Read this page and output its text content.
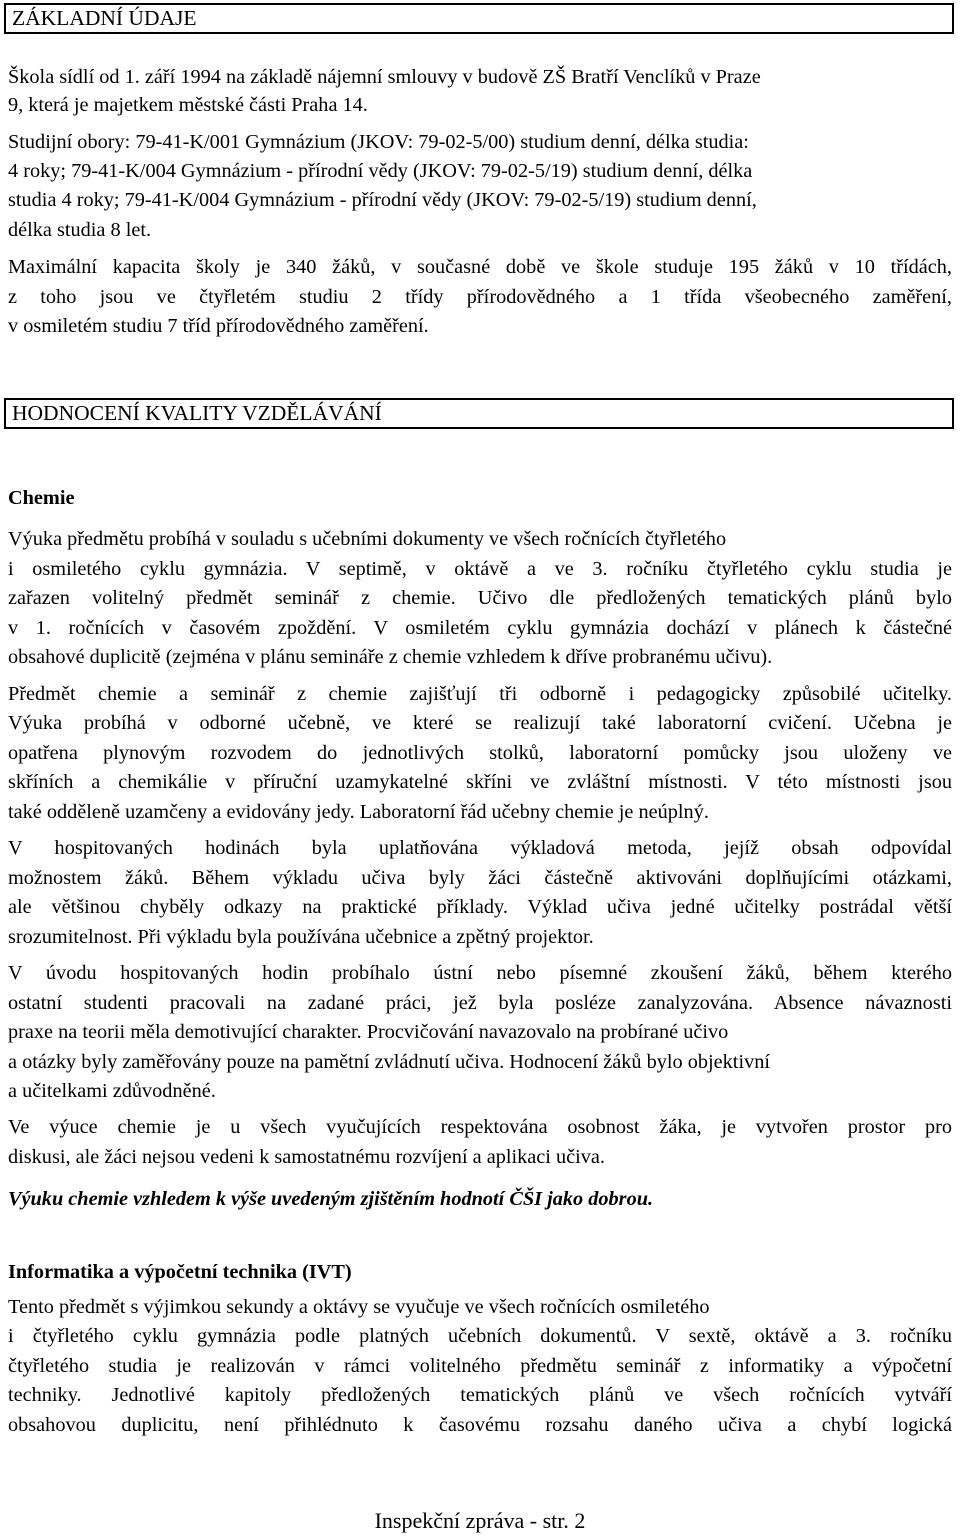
ZÁKLADNÍ ÚDAJE
Škola sídlí od 1. září 1994 na základě nájemní smlouvy v budově ZŠ Bratří Venclíků v Praze
9, která je majetkem městské části Praha 14.
Studijní obory: 79-41-K/001 Gymnázium (JKOV: 79-02-5/00) studium denní, délka studia:
4 roky; 79-41-K/004 Gymnázium - přírodní vědy (JKOV: 79-02-5/19) studium denní, délka
studia 4 roky; 79-41-K/004 Gymnázium - přírodní vědy (JKOV: 79-02-5/19) studium denní,
délka studia 8 let.
Maximální kapacita školy je 340 žáků, v současné době ve škole studuje 195 žáků v 10 třídách,
z toho jsou ve čtyřletém studiu 2 třídy přírodovědného a 1 třída všeobecného zaměření,
v osmiletém studiu 7 tříd přírodovědného zaměření.
HODNOCENÍ KVALITY VZDĚLÁVÁNÍ
Chemie
Výuka předmětu probíhá v souladu s učebními dokumenty ve všech ročnících čtyřletého
i osmiletého cyklu gymnázia. V septimě, v oktávě a ve 3. ročníku čtyřletého cyklu studia je
zařazen volitelný předmět seminář z chemie. Učivo dle předložených tematických plánů bylo
v 1. ročnících v časovém zpoždění. V osmiletém cyklu gymnázia dochází v plánech k částečné
obsahové duplicitě (zejména v plánu semináře z chemie vzhledem k dříve probranému učivu).
Předmět chemie a seminář z chemie zajišťují tři odborně i pedagogicky způsobilé učitelky.
Výuka probíhá v odborné učebně, ve které se realizují také laboratorní cvičení. Učebna je
opatřena plynovým rozvodem do jednotlivých stolků, laboratorní pomůcky jsou uloženy ve
skříních a chemikálie v příruční uzamykatelné skříni ve zvláštní místnosti. V této místnosti jsou
také odděleně uzamčeny a evidovány jedy. Laboratorní řád učebny chemie je neúplný.
V hospitovaných hodinách byla uplatňována výkladová metoda, jejíž obsah odpovídal
možnostem žáků. Během výkladu učiva byly žáci částečně aktivováni doplňujícími otázkami,
ale většinou chyběly odkazy na praktické příklady. Výklad učiva jedné učitelky postrádal větší
srozumitelnost. Při výkladu byla používána učebnice a zpětný projektor.
V úvodu hospitovaných hodin probíhalo ústní nebo písemné zkoušení žáků, během kterého
ostatní studenti pracovali na zadané práci, jež byla posléze zanalyzována. Absence návaznosti
praxe na teorii měla demotivující charakter. Procvičování navazovalo na probírané učivo
a otázky byly zaměřovány pouze na pamětní zvládnutí učiva. Hodnocení žáků bylo objektivní
a učitelkami zdůvodněné.
Ve výuce chemie je u všech vyučujících respektována osobnost žáka, je vytvořen prostor pro
diskusi, ale žáci nejsou vedeni k samostatnému rozvíjení a aplikaci učiva.
Výuku chemie vzhledem k výše uvedeným zjištěním hodnotí ČŠI jako dobrou.
Informatika a výpočetní technika (IVT)
Tento předmět s výjimkou sekundy a oktávy se vyučuje ve všech ročnících osmiletého
i čtyřletého cyklu gymnázia podle platných učebních dokumentů. V sextě, oktávě a 3. ročníku
čtyřletého studia je realizován v rámci volitelného předmětu seminář z informatiky a výpočetní
techniky. Jednotlivé kapitoly předložených tematických plánů ve všech ročnících vytváří
obsahovou duplicitu, není přihlédnuto k časovému rozsahu daného učiva a chybí logická
Inspekční zpráva - str. 2
